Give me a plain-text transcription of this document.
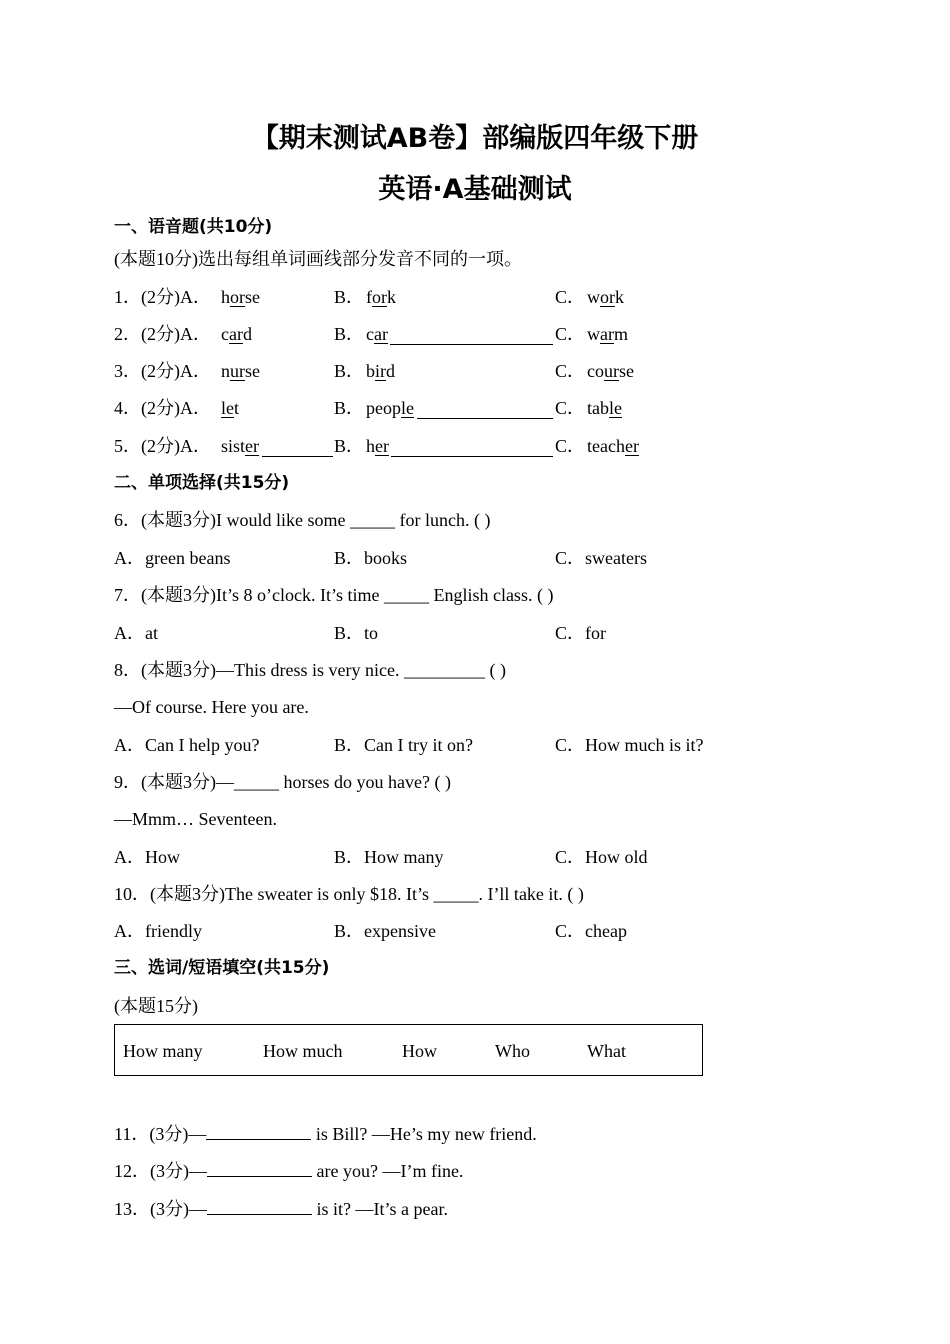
【期末测试AB卷】部编版四年级下册
英语·A基础测试
一、语音题(共10分)
(本题10分)选出每组单词画线部分发音不同的一项。
1．(2分)A． horse	B． fork	C． work
2．(2分)A． card	B． car	C． warm
3．(2分)A． nurse	B． bird	C． course
4．(2分)A． let	B． people	C． table
5．(2分)A． sister	B． her	C． teacher
二、单项选择(共15分)
6．(本题3分)I would like some _____ for lunch. ( )
A．green beans	B．books	C．sweaters
7．(本题3分)It’s 8 o’clock. It’s time _____ English class. ( )
A．at	B．to	C．for
8．(本题3分)—This dress is very nice. _________ ( )
—Of course. Here you are.
A．Can I help you?	B．Can I try it on?	C．How much is it?
9．(本题3分)—_____ horses do you have? ( )
—Mmm… Seventeen.
A．How	B．How many	C．How old
10．(本题3分)The sweater is only $18. It’s _____. I’ll take it. ( )
A．friendly	B．expensive	C．cheap
三、选词/短语填空(共15分)
(本题15分)
How many	How much	How	Who	What
11．(3分)—	is Bill? —He’s my new friend.
12．(3分)—	are you? —I’m fine.
13．(3分)—	is it? —It’s a pear.
